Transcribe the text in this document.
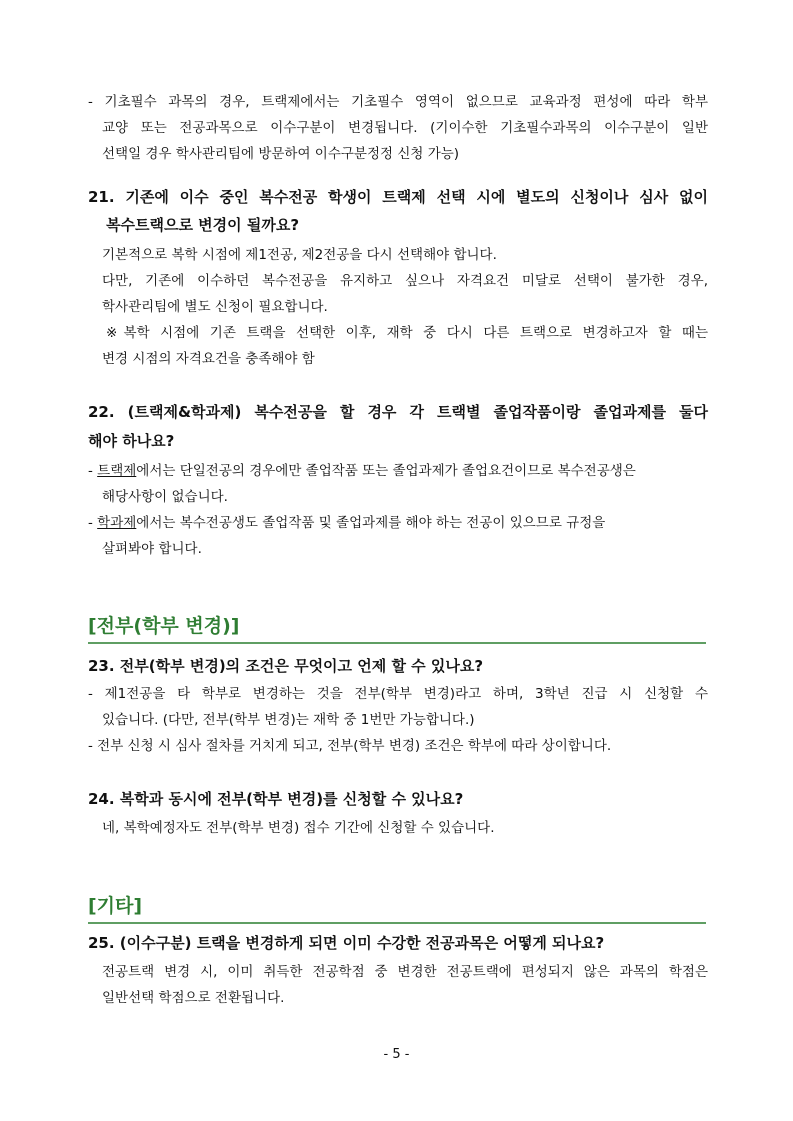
- 기초필수 과목의 경우, 트랙제에서는 기초필수 영역이 없으므로 교육과정 편성에 따라 학부
교양 또는 전공과목으로 이수구분이 변경됩니다. (기이수한 기초필수과목의 이수구분이 일반
선택일 경우 학사관리팀에 방문하여 이수구분정정 신청 가능)
21. 기존에 이수 중인 복수전공 학생이 트랙제 선택 시에 별도의 신청이나 심사 없이
복수트랙으로 변경이 될까요?
기본적으로 복학 시점에 제1전공, 제2전공을 다시 선택해야 합니다.
다만, 기존에 이수하던 복수전공을 유지하고 싶으나 자격요건 미달로 선택이 불가한 경우,
학사관리팀에 별도 신청이 필요합니다.
※복학 시점에 기존 트랙을 선택한 이후, 재학 중 다시 다른 트랙으로 변경하고자 할 때는
변경 시점의 자격요건을 충족해야 함
22. (트랙제&학과제) 복수전공을 할 경우 각 트랙별 졸업작품이랑 졸업과제를 둘다
해야 하나요?
- 트랙제에서는 단일전공의 경우에만 졸업작품 또는 졸업과제가 졸업요건이므로 복수전공생은
해당사항이 없습니다.
- 학과제에서는 복수전공생도 졸업작품 및 졸업과제를 해야 하는 전공이 있으므로 규정을
살펴봐야 합니다.
[전부(학부 변경)]
23. 전부(학부 변경)의 조건은 무엇이고 언제 할 수 있나요?
- 제1전공을 타 학부로 변경하는 것을 전부(학부 변경)라고 하며, 3학년 진급 시 신청할 수
있습니다. (다만, 전부(학부 변경)는 재학 중 1번만 가능합니다.)
- 전부 신청 시 심사 절차를 거치게 되고, 전부(학부 변경) 조건은 학부에 따라 상이합니다.
24. 복학과 동시에 전부(학부 변경)를 신청할 수 있나요?
네, 복학예정자도 전부(학부 변경) 접수 기간에 신청할 수 있습니다.
[기타]
25. (이수구분) 트랙을 변경하게 되면 이미 수강한 전공과목은 어떻게 되나요?
전공트랙 변경 시, 이미 취득한 전공학점 중 변경한 전공트랙에 편성되지 않은 과목의 학점은
일반선택 학점으로 전환됩니다.
- 5 -
